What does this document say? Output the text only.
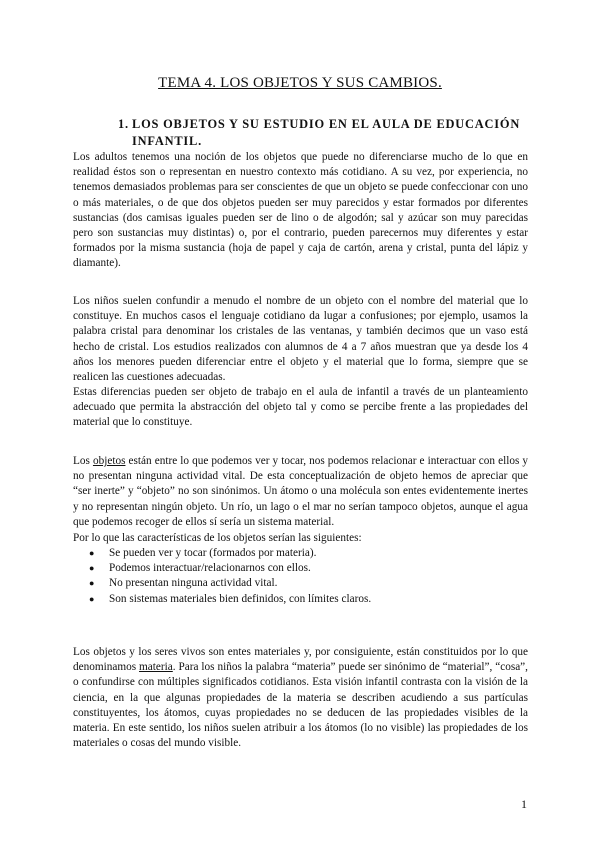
TEMA 4. LOS OBJETOS Y SUS CAMBIOS.
1. LOS OBJETOS Y SU ESTUDIO EN EL AULA DE EDUCACIÓN INFANTIL.

Los adultos tenemos una noción de los objetos que puede no diferenciarse mucho de lo que en realidad éstos son o representan en nuestro contexto más cotidiano. A su vez, por experiencia, no tenemos demasiados problemas para ser conscientes de que un objeto se puede confeccionar con uno o más materiales, o de que dos objetos pueden ser muy parecidos y estar formados por diferentes sustancias (dos camisas iguales pueden ser de lino o de algodón; sal y azúcar son muy parecidas pero son sustancias muy distintas) o, por el contrario, pueden parecernos muy diferentes y estar formados por la misma sustancia (hoja de papel y caja de cartón, arena y cristal, punta del lápiz y diamante).

Los niños suelen confundir a menudo el nombre de un objeto con el nombre del material que lo constituye. En muchos casos el lenguaje cotidiano da lugar a confusiones; por ejemplo, usamos la palabra cristal para denominar los cristales de las ventanas, y también decimos que un vaso está hecho de cristal. Los estudios realizados con alumnos de 4 a 7 años muestran que ya desde los 4 años los menores pueden diferenciar entre el objeto y el material que lo forma, siempre que se realicen las cuestiones adecuadas.

Estas diferencias pueden ser objeto de trabajo en el aula de infantil a través de un planteamiento adecuado que permita la abstracción del objeto tal y como se percibe frente a las propiedades del material que lo constituye.

Los objetos están entre lo que podemos ver y tocar, nos podemos relacionar e interactuar con ellos y no presentan ninguna actividad vital. De esta conceptualización de objeto hemos de apreciar que “ser inerte” y “objeto” no son sinónimos. Un átomo o una molécula son entes evidentemente inertes y no representan ningún objeto. Un río, un lago o el mar no serían tampoco objetos, aunque el agua que podemos recoger de ellos sí sería un sistema material.

Por lo que las características de los objetos serían las siguientes:

● Se pueden ver y tocar (formados por materia).
● Podemos interactuar/relacionarnos con ellos.
● No presentan ninguna actividad vital.
● Son sistemas materiales bien definidos, con límites claros.

Los objetos y los seres vivos son entes materiales y, por consiguiente, están constituidos por lo que denominamos materia. Para los niños la palabra “materia” puede ser sinónimo de “material”, “cosa”, o confundirse con múltiples significados cotidianos. Esta visión infantil contrasta con la visión de la ciencia, en la que algunas propiedades de la materia se describen acudiendo a sus partículas constituyentes, los átomos, cuyas propiedades no se deducen de las propiedades visibles de la materia. En este sentido, los niños suelen atribuir a los átomos (lo no visible) las propiedades de los materiales o cosas del mundo visible.

1
